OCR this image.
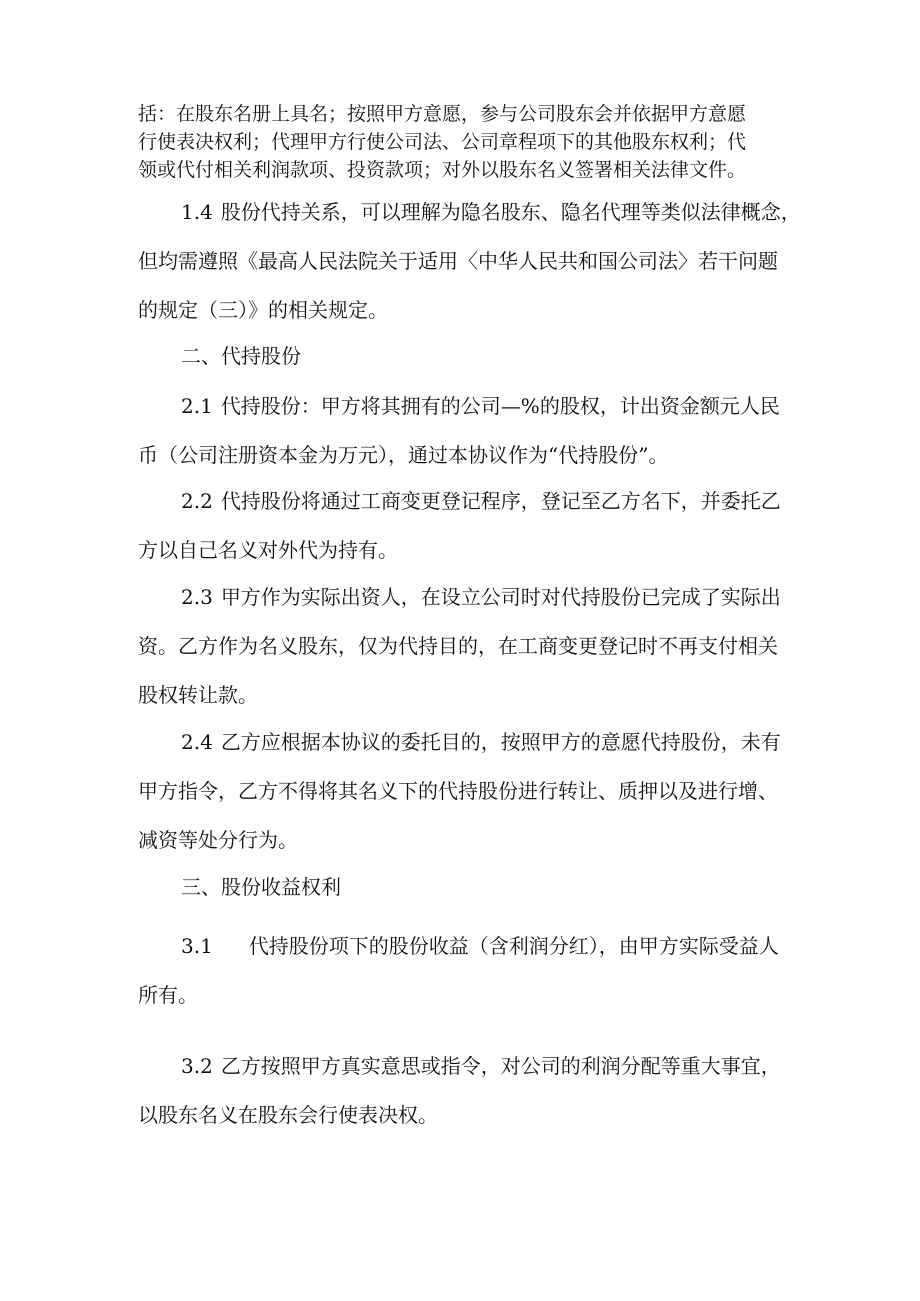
括：在股东名册上具名；按照甲方意愿，参与公司股东会并依据甲方意愿
行使表决权利；代理甲方行使公司法、公司章程项下的其他股东权利；代
领或代付相关利润款项、投资款项；对外以股东名义签署相关法律文件。
1.4 股份代持关系，可以理解为隐名股东、隐名代理等类似法律概念，
但均需遵照《最高人民法院关于适用〈中华人民共和国公司法〉若干问题
的规定（三）》的相关规定。
二、代持股份
2.1 代持股份：甲方将其拥有的公司—%的股权，计出资金额元人民
币（公司注册资本金为万元），通过本协议作为“代持股份”。
2.2 代持股份将通过工商变更登记程序，登记至乙方名下，并委托乙
方以自己名义对外代为持有。
2.3 甲方作为实际出资人，在设立公司时对代持股份已完成了实际出
资。乙方作为名义股东，仅为代持目的，在工商变更登记时不再支付相关
股权转让款。
2.4 乙方应根据本协议的委托目的，按照甲方的意愿代持股份，未有
甲方指令，乙方不得将其名义下的代持股份进行转让、质押以及进行增、
减资等处分行为。
三、股份收益权利
3.1 代持股份项下的股份收益（含利润分红），由甲方实际受益人
所有。
3.2 乙方按照甲方真实意思或指令，对公司的利润分配等重大事宜，
以股东名义在股东会行使表决权。
